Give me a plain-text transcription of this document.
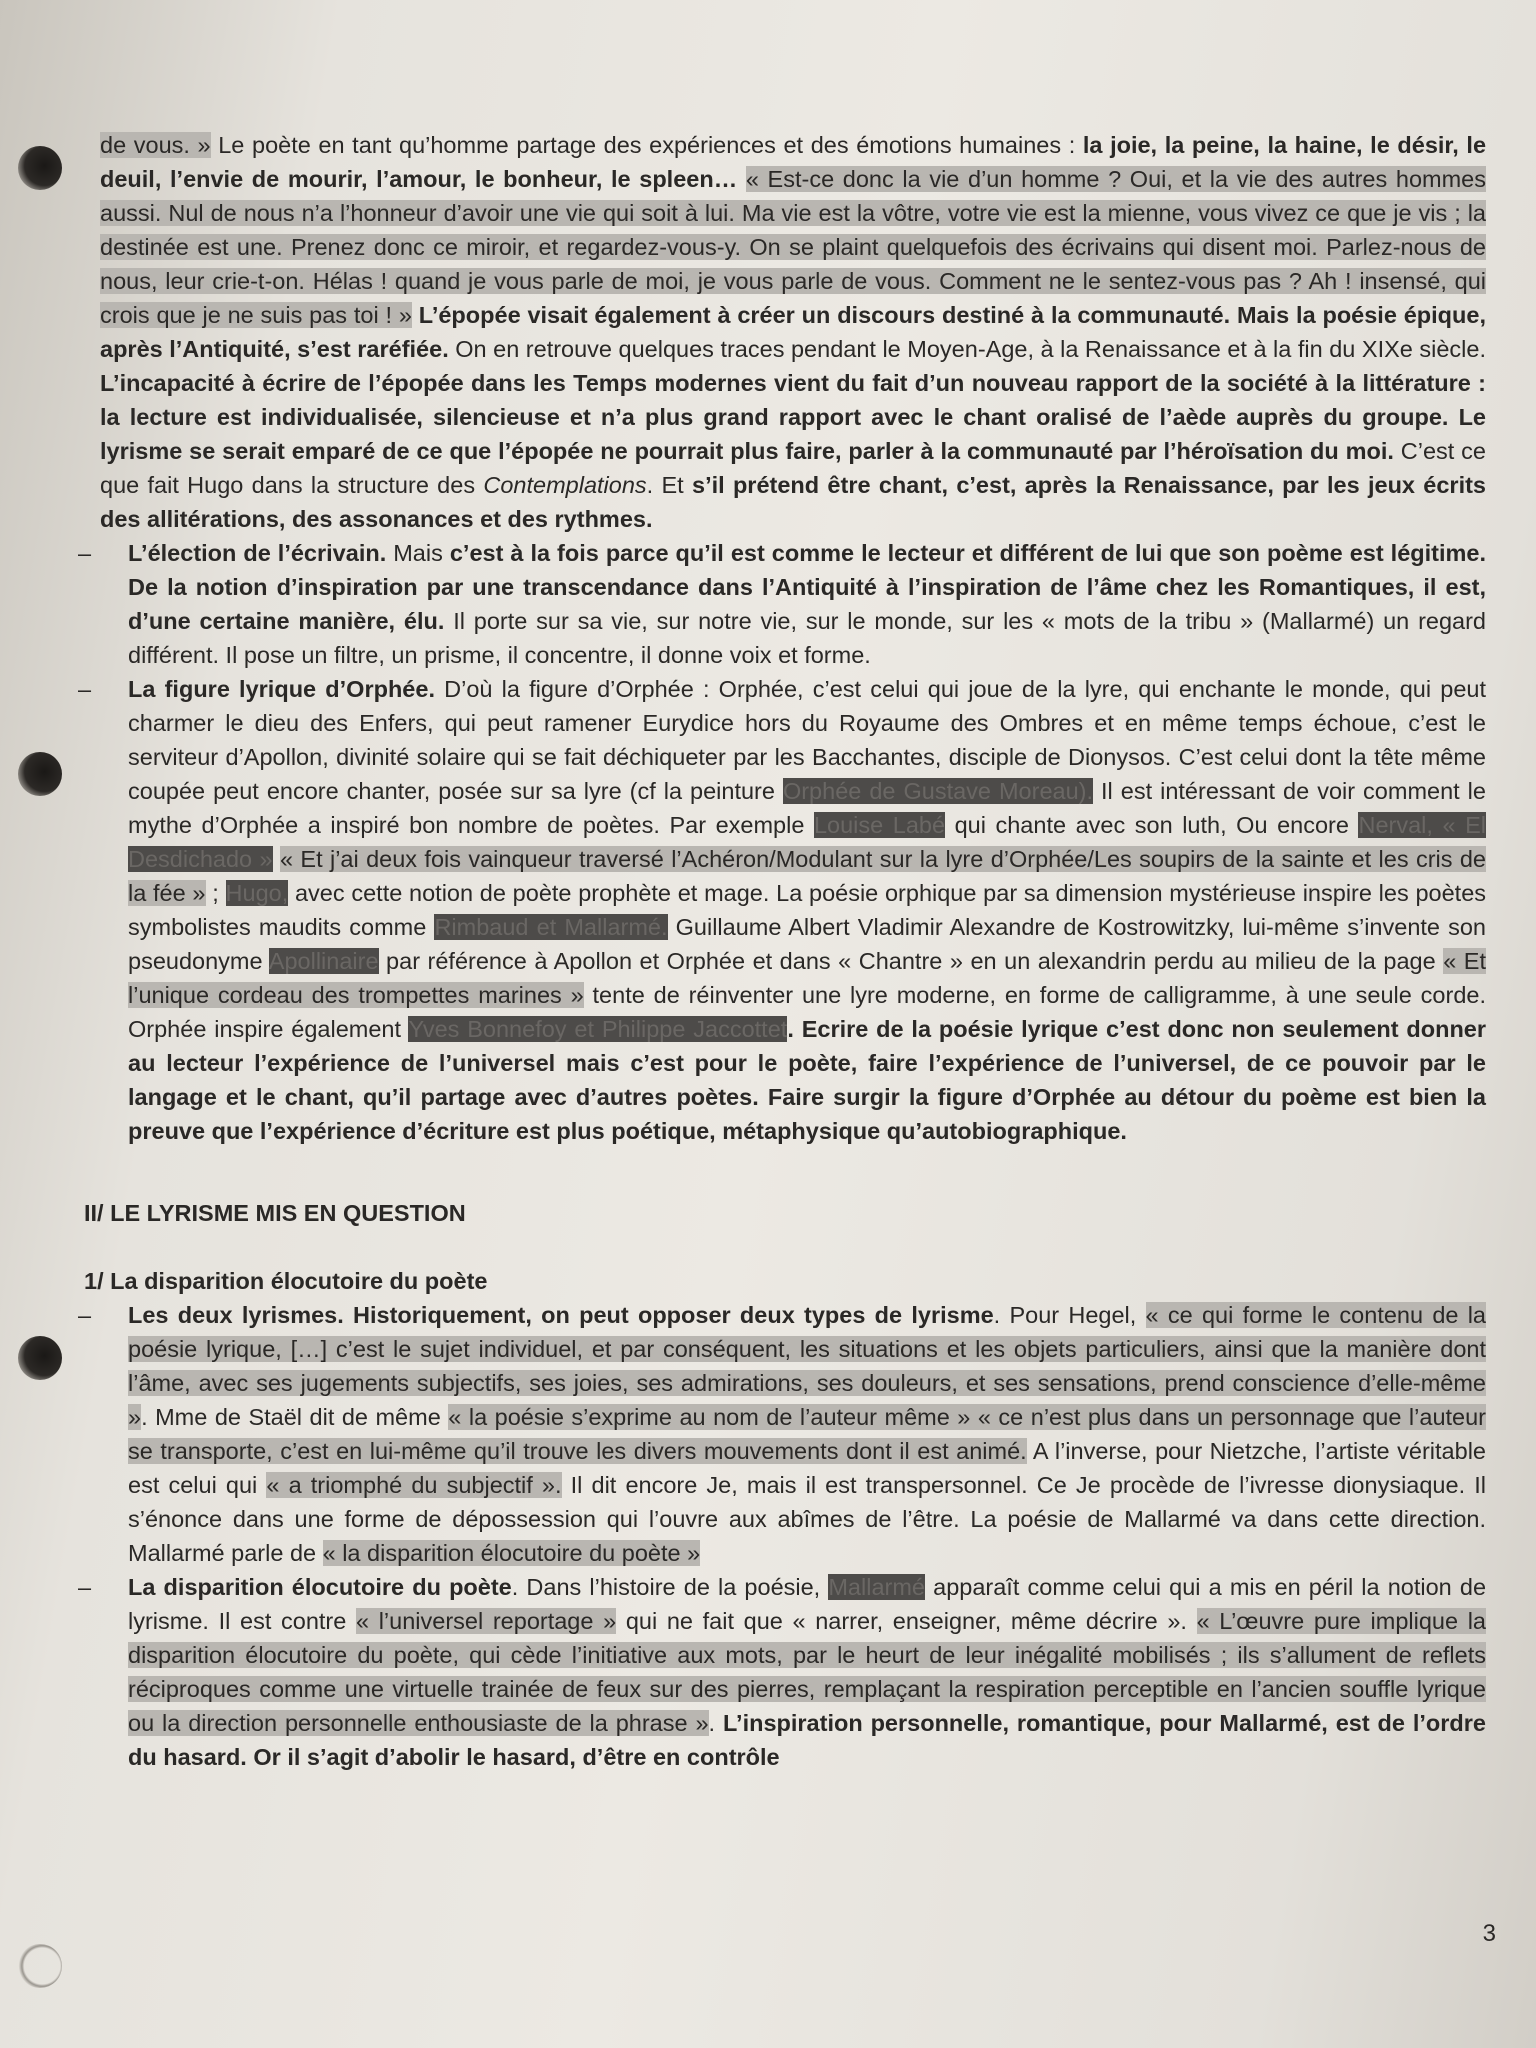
de vous. » Le poète en tant qu’homme partage des expériences et des émotions humaines : la joie, la peine, la haine, le désir, le deuil, l’envie de mourir, l’amour, le bonheur, le spleen… « Est-ce donc la vie d’un homme ? Oui, et la vie des autres hommes aussi. Nul de nous n’a l’honneur d’avoir une vie qui soit à lui. Ma vie est la vôtre, votre vie est la mienne, vous vivez ce que je vis ; la destinée est une. Prenez donc ce miroir, et regardez-vous-y. On se plaint quelquefois des écrivains qui disent moi. Parlez-nous de nous, leur crie-t-on. Hélas ! quand je vous parle de moi, je vous parle de vous. Comment ne le sentez-vous pas ? Ah ! insensé, qui crois que je ne suis pas toi ! » L’épopée visait également à créer un discours destiné à la communauté. Mais la poésie épique, après l’Antiquité, s’est raréfiée. On en retrouve quelques traces pendant le Moyen-Age, à la Renaissance et à la fin du XIXe siècle. L’incapacité à écrire de l’épopée dans les Temps modernes vient du fait d’un nouveau rapport de la société à la littérature : la lecture est individualisée, silencieuse et n’a plus grand rapport avec le chant oralisé de l’aède auprès du groupe. Le lyrisme se serait emparé de ce que l’épopée ne pourrait plus faire, parler à la communauté par l’héroïsation du moi. C’est ce que fait Hugo dans la structure des Contemplations. Et s’il prétend être chant, c’est, après la Renaissance, par les jeux écrits des allitérations, des assonances et des rythmes.

– L’élection de l’écrivain. Mais c’est à la fois parce qu’il est comme le lecteur et différent de lui que son poème est légitime. De la notion d’inspiration par une transcendance dans l’Antiquité à l’inspiration de l’âme chez les Romantiques, il est, d’une certaine manière, élu. Il porte sur sa vie, sur notre vie, sur le monde, sur les « mots de la tribu » (Mallarmé) un regard différent. Il pose un filtre, un prisme, il concentre, il donne voix et forme.

– La figure lyrique d’Orphée. D’où la figure d’Orphée : Orphée, c’est celui qui joue de la lyre, qui enchante le monde, qui peut charmer le dieu des Enfers, qui peut ramener Eurydice hors du Royaume des Ombres et en même temps échoue, c’est le serviteur d’Apollon, divinité solaire qui se fait déchiqueter par les Bacchantes, disciple de Dionysos. C’est celui dont la tête même coupée peut encore chanter, posée sur sa lyre (cf la peinture Orphée de Gustave Moreau). Il est intéressant de voir comment le mythe d’Orphée a inspiré bon nombre de poètes. Par exemple Louise Labé qui chante avec son luth, Ou encore Nerval, « El Desdichado » « Et j’ai deux fois vainqueur traversé l’Achéron/Modulant sur la lyre d’Orphée/Les soupirs de la sainte et les cris de la fée » ; Hugo, avec cette notion de poète prophète et mage. La poésie orphique par sa dimension mystérieuse inspire les poètes symbolistes maudits comme Rimbaud et Mallarmé. Guillaume Albert Vladimir Alexandre de Kostrowitzky, lui-même s’invente son pseudonyme Apollinaire par référence à Apollon et Orphée et dans « Chantre » en un alexandrin perdu au milieu de la page « Et l’unique cordeau des trompettes marines » tente de réinventer une lyre moderne, en forme de calligramme, à une seule corde. Orphée inspire également Yves Bonnefoy et Philippe Jaccottet. Ecrire de la poésie lyrique c’est donc non seulement donner au lecteur l’expérience de l’universel mais c’est pour le poète, faire l’expérience de l’universel, de ce pouvoir par le langage et le chant, qu’il partage avec d’autres poètes. Faire surgir la figure d’Orphée au détour du poème est bien la preuve que l’expérience d’écriture est plus poétique, métaphysique qu’autobiographique.

II/ LE LYRISME MIS EN QUESTION
1/ La disparition élocutoire du poète

– Les deux lyrismes. Historiquement, on peut opposer deux types de lyrisme. Pour Hegel, « ce qui forme le contenu de la poésie lyrique, […] c’est le sujet individuel, et par conséquent, les situations et les objets particuliers, ainsi que la manière dont l’âme, avec ses jugements subjectifs, ses joies, ses admirations, ses douleurs, et ses sensations, prend conscience d’elle-même ». Mme de Staël dit de même « la poésie s’exprime au nom de l’auteur même » « ce n’est plus dans un personnage que l’auteur se transporte, c’est en lui-même qu’il trouve les divers mouvements dont il est animé. A l’inverse, pour Nietzche, l’artiste véritable est celui qui « a triomphé du subjectif ». Il dit encore Je, mais il est transpersonnel. Ce Je procède de l’ivresse dionysiaque. Il s’énonce dans une forme de dépossession qui l’ouvre aux abîmes de l’être. La poésie de Mallarmé va dans cette direction. Mallarmé parle de « la disparition élocutoire du poète »

– La disparition élocutoire du poète. Dans l’histoire de la poésie, Mallarmé apparaît comme celui qui a mis en péril la notion de lyrisme. Il est contre « l’universel reportage » qui ne fait que « narrer, enseigner, même décrire ». « L’œuvre pure implique la disparition élocutoire du poète, qui cède l’initiative aux mots, par le heurt de leur inégalité mobilisés ; ils s’allument de reflets réciproques comme une virtuelle trainée de feux sur des pierres, remplaçant la respiration perceptible en l’ancien souffle lyrique ou la direction personnelle enthousiaste de la phrase ». L’inspiration personnelle, romantique, pour Mallarmé, est de l’ordre du hasard. Or il s’agit d’abolir le hasard, d’être en contrôle

3
